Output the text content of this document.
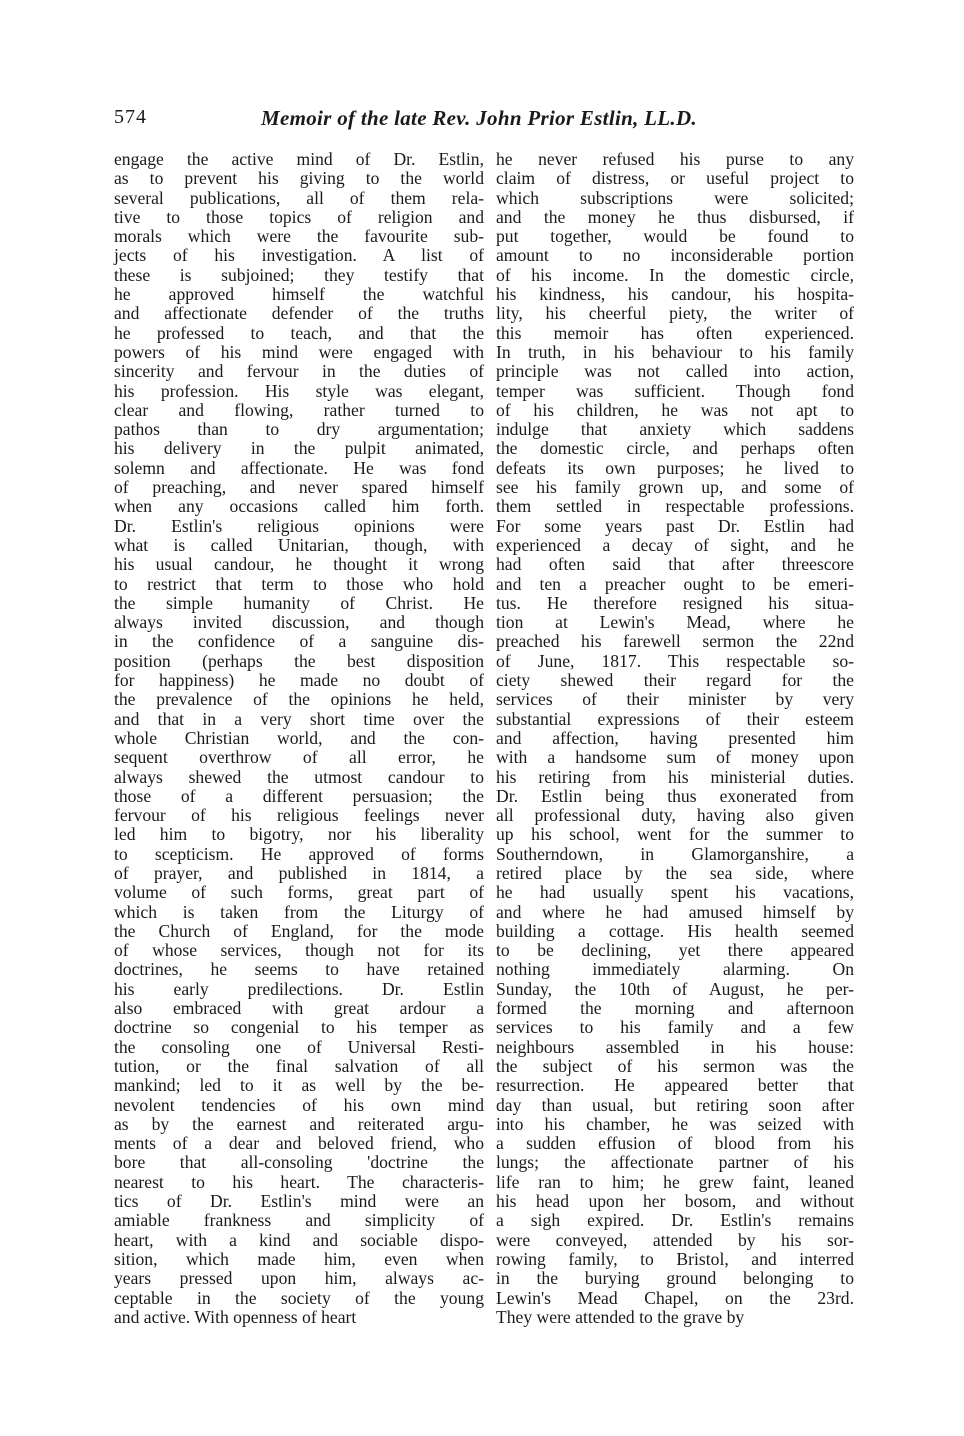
574	Memoir of the late Rev. John Prior Estlin, LL.D.
engage the active mind of Dr. Estlin,
as to prevent his giving to the world
several publications, all of them rela-
tive to those topics of religion and
morals which were the favourite sub-
jects of his investigation. A list of
these is subjoined; they testify that
he approved himself the watchful
and affectionate defender of the truths
he professed to teach, and that the
powers of his mind were engaged with
sincerity and fervour in the duties of
his profession. His style was elegant,
clear and flowing, rather turned to
pathos than to dry argumentation;
his delivery in the pulpit animated,
solemn and affectionate. He was fond
of preaching, and never spared himself
when any occasions called him forth.
Dr. Estlin's religious opinions were
what is called Unitarian, though, with
his usual candour, he thought it wrong
to restrict that term to those who hold
the simple humanity of Christ. He
always invited discussion, and though
in the confidence of a sanguine dis-
position (perhaps the best disposition
for happiness) he made no doubt of
the prevalence of the opinions he held,
and that in a very short time over the
whole Christian world, and the con-
sequent overthrow of all error, he
always shewed the utmost candour to
those of a different persuasion; the
fervour of his religious feelings never
led him to bigotry, nor his liberality
to scepticism. He approved of forms
of prayer, and published in 1814, a
volume of such forms, great part of
which is taken from the Liturgy of
the Church of England, for the mode
of whose services, though not for its
doctrines, he seems to have retained
his early predilections. Dr. Estlin
also embraced with great ardour a
doctrine so congenial to his temper as
the consoling one of Universal Resti-
tution, or the final salvation of all
mankind; led to it as well by the be-
nevolent tendencies of his own mind
as by the earnest and reiterated argu-
ments of a dear and beloved friend, who
bore that all-consoling 'doctrine the
nearest to his heart. The characteris-
tics of Dr. Estlin's mind were an
amiable frankness and simplicity of
heart, with a kind and sociable dispo-
sition, which made him, even when
years pressed upon him, always ac-
ceptable in the society of the young
and active. With openness of heart
he never refused his purse to any
claim of distress, or useful project to
which subscriptions were solicited;
and the money he thus disbursed, if
put together, would be found to
amount to no inconsiderable portion
of his income. In the domestic circle,
his kindness, his candour, his hospita-
lity, his cheerful piety, the writer of
this memoir has often experienced.
In truth, in his behaviour to his family
principle was not called into action,
temper was sufficient. Though fond
of his children, he was not apt to
indulge that anxiety which saddens
the domestic circle, and perhaps often
defeats its own purposes; he lived to
see his family grown up, and some of
them settled in respectable professions.
For some years past Dr. Estlin had
experienced a decay of sight, and he
had often said that after threescore
and ten a preacher ought to be emeri-
tus. He therefore resigned his situa-
tion at Lewin's Mead, where he
preached his farewell sermon the 22nd
of June, 1817. This respectable so-
ciety shewed their regard for the
services of their minister by very
substantial expressions of their esteem
and affection, having presented him
with a handsome sum of money upon
his retiring from his ministerial duties.
Dr. Estlin being thus exonerated from
all professional duty, having also given
up his school, went for the summer to
Southerndown, in Glamorganshire, a
retired place by the sea side, where
he had usually spent his vacations,
and where he had amused himself by
building a cottage. His health seemed
to be declining, yet there appeared
nothing immediately alarming. On
Sunday, the 10th of August, he per-
formed the morning and afternoon
services to his family and a few
neighbours assembled in his house:
the subject of his sermon was the
resurrection. He appeared better that
day than usual, but retiring soon after
into his chamber, he was seized with
a sudden effusion of blood from his
lungs; the affectionate partner of his
life ran to him; he grew faint, leaned
his head upon her bosom, and without
a sigh expired. Dr. Estlin's remains
were conveyed, attended by his sor-
rowing family, to Bristol, and interred
in the burying ground belonging to
Lewin's Mead Chapel, on the 23rd.
They were attended to the grave by
